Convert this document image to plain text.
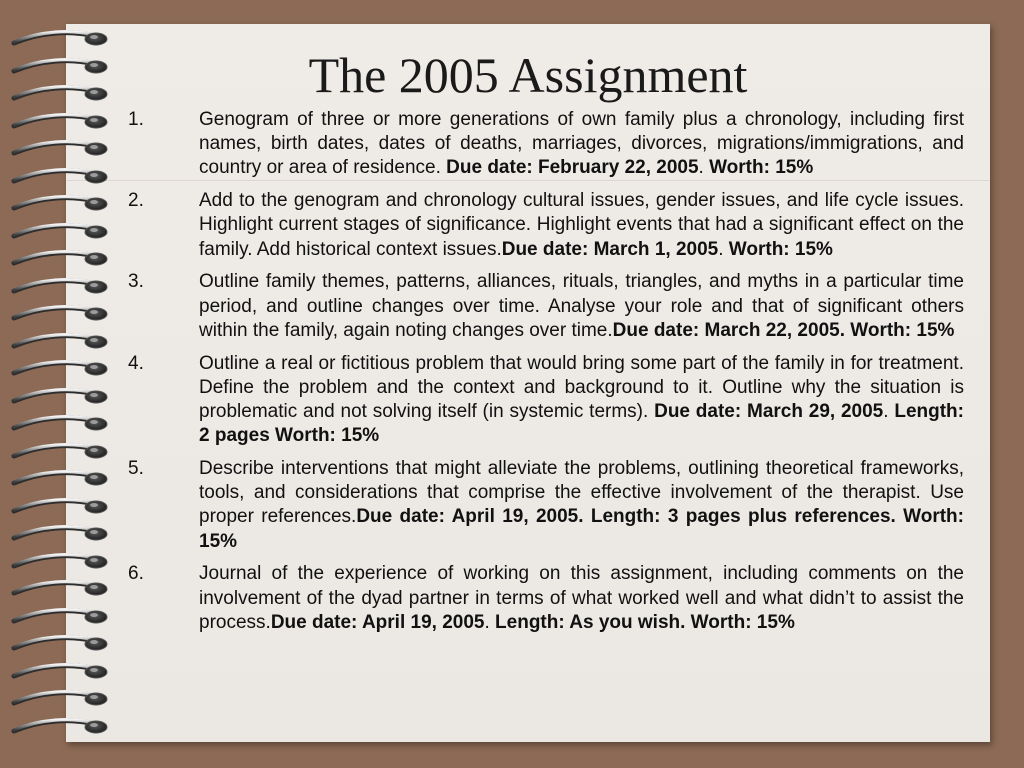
The 2005 Assignment
1.	Genogram of three or more generations of own family plus a chronology, including first names, birth dates, dates of deaths, marriages, divorces, migrations/immigrations, and country or area of residence. Due date: February 22, 2005. Worth: 15%
2.	Add to the genogram and chronology cultural issues, gender issues, and life cycle issues. Highlight current stages of significance. Highlight events that had a significant effect on the family. Add historical context issues.Due date: March 1, 2005. Worth: 15%
3.	Outline family themes, patterns, alliances, rituals, triangles, and myths in a particular time period, and outline changes over time. Analyse your role and that of significant others within the family, again noting changes over time.Due date: March 22, 2005. Worth: 15%
4.	Outline a real or fictitious problem that would bring some part of the family in for treatment. Define the problem and the context and background to it. Outline why the situation is problematic and not solving itself (in systemic terms). Due date: March 29, 2005. Length: 2 pages Worth: 15%
5.	Describe interventions that might alleviate the problems, outlining theoretical frameworks, tools, and considerations that comprise the effective involvement of the therapist. Use proper references.Due date: April 19, 2005. Length: 3 pages plus references. Worth: 15%
6.	Journal of the experience of working on this assignment, including comments on the involvement of the dyad partner in terms of what worked well and what didn’t to assist the process.Due date: April 19, 2005. Length: As you wish. Worth: 15%
